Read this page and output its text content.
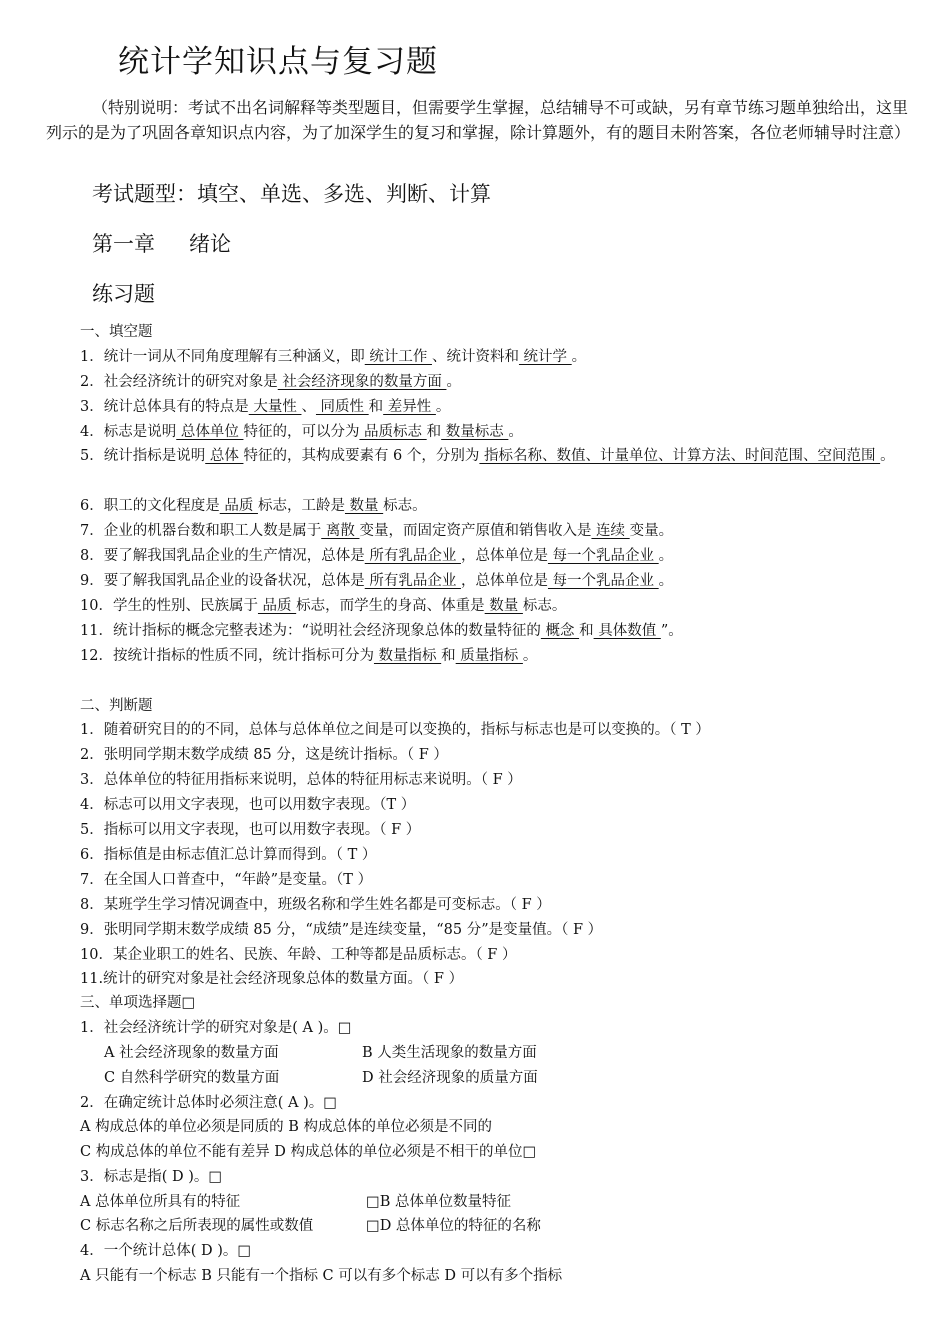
统计学知识点与复习题
（特别说明：考试不出名词解释等类型题目，但需要学生掌握，总结辅导不可或缺，另有章节练习题单独给出，这里列示的是为了巩固各章知识点内容，为了加深学生的复习和掌握，除计算题外，有的题目未附答案，各位老师辅导时注意）
考试题型：填空、单选、多选、判断、计算
第一章 绪论
练习题
一、填空题
1．统计一词从不同角度理解有三种涵义，即 统计工作 、统计资料和 统计学 。
2．社会经济统计的研究对象是 社会经济现象的数量方面 。
3．统计总体具有的特点是 大量性 、 同质性 和 差异性 。
4．标志是说明 总体单位 特征的，可以分为 品质标志 和 数量标志 。
5．统计指标是说明 总体 特征的，其构成要素有 6 个，分别为 指标名称、数值、计量单位、计算方法、时间范围、空间范围 。
6．职工的文化程度是 品质 标志，工龄是 数量 标志。
7．企业的机器台数和职工人数是属于 离散 变量，而固定资产原值和销售收入是 连续 变量。
8．要了解我国乳品企业的生产情况，总体是 所有乳品企业 ，总体单位是 每一个乳品企业 。
9．要了解我国乳品企业的设备状况，总体是 所有乳品企业 ，总体单位是 每一个乳品企业 。
10．学生的性别、民族属于 品质 标志，而学生的身高、体重是 数量 标志。
11．统计指标的概念完整表述为：“说明社会经济现象总体的数量特征的 概念 和 具体数值 ”。
12．按统计指标的性质不同，统计指标可分为 数量指标 和 质量指标 。
二、判断题
1．随着研究目的的不同，总体与总体单位之间是可以变换的，指标与标志也是可以变换的。（ T ）
2．张明同学期末数学成绩 85 分，这是统计指标。（ F ）
3．总体单位的特征用指标来说明，总体的特征用标志来说明。（ F ）
4．标志可以用文字表现，也可以用数字表现。（T ）
5．指标可以用文字表现，也可以用数字表现。（ F ）
6．指标值是由标志值汇总计算而得到。（ T ）
7．在全国人口普查中，“年龄”是变量。（T ）
8．某班学生学习情况调查中，班级名称和学生姓名都是可变标志。（ F ）
9．张明同学期末数学成绩 85 分，“成绩”是连续变量，“85 分”是变量值。（ F ）
10．某企业职工的姓名、民族、年龄、工种等都是品质标志。（ F ）
11.统计的研究对象是社会经济现象总体的数量方面。（ F ）
三、单项选择题□
1．社会经济统计学的研究对象是( A )。□
A 社会经济现象的数量方面	B 人类生活现象的数量方面
C 自然科学研究的数量方面	D 社会经济现象的质量方面
2．在确定统计总体时必须注意( A )。□
A 构成总体的单位必须是同质的 B 构成总体的单位必须是不同的
C 构成总体的单位不能有差异 D 构成总体的单位必须是不相干的单位□
3．标志是指( D )。□
A 总体单位所具有的特征	□B 总体单位数量特征
C 标志名称之后所表现的属性或数值	□D 总体单位的特征的名称
4．一个统计总体( D )。□
A 只能有一个标志 B 只能有一个指标 C 可以有多个标志 D 可以有多个指标
